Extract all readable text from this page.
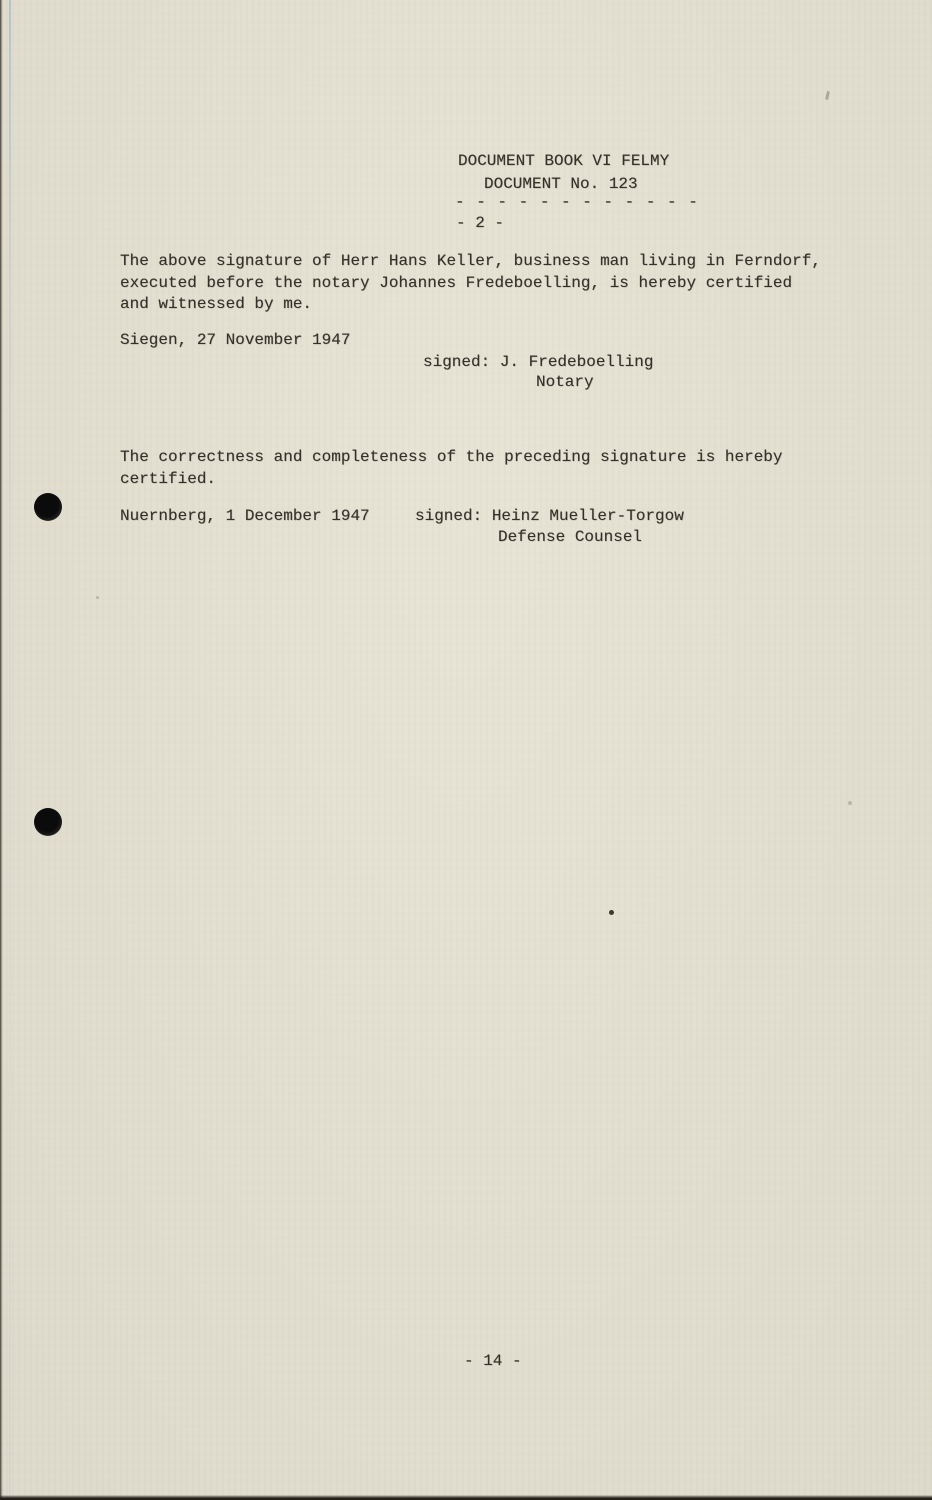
DOCUMENT BOOK VI FELMY
DOCUMENT No. 123
- - - - - - - - - - - -
- 2 -
The above signature of Herr Hans Keller, business man living in Ferndorf,
executed before the notary Johannes Fredeboelling, is hereby certified
and witnessed by me.
Siegen, 27 November 1947
signed: J. Fredeboelling
Notary
The correctness and completeness of the preceding signature is hereby
certified.
Nuernberg, 1 December 1947	signed: Heinz Mueller-Torgow
Defense Counsel
- 14 -
